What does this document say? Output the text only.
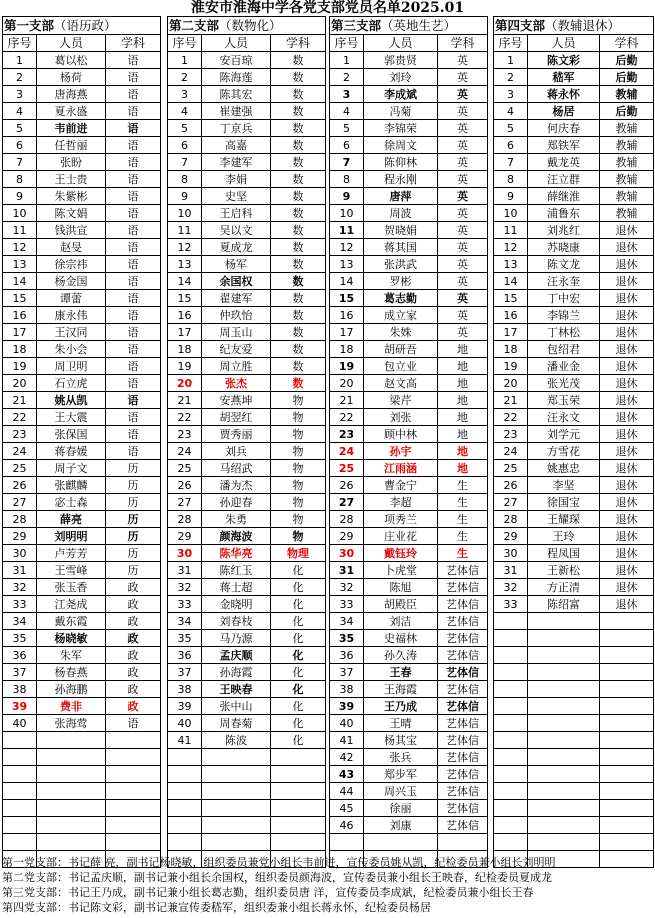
淮安市淮海中学各党支部党员名单2025.01
第一支部（语历政）		
序号	人员	学科
1	葛以松	语
2	杨荷	语
3	唐海燕	语
4	夏永盛	语
5	韦前进	语
6	任哲丽	语
7	张盼	语
8	王士贵	语
9	朱紫彬	语
10	陈文娟	语
11	钱洪宣	语
12	赵旻	语
13	徐宗祎	语
14	杨金国	语
15	谭蕾	语
16	康永伟	语
17	王汉同	语
18	朱小会	语
19	周卫明	语
20	石立虎	语
21	姚从凯	语
22	王大震	语
23	张保国	语
24	蒋春媛	语
25	周子文	历
26	张麒麟	历
27	宓士森	历
28	薛亮	历
29	刘明明	历
30	卢芳芳	历
31	王雪峰	历
32	张玉香	政
33	江尧成	政
34	戴东霞	政
35	杨晓敏	政
36	朱军	政
37	杨春燕	政
38	孙海鹏	政
39	费非	政
40	张海莺	语

第二支部（数物化）		
序号	人员	学科
1	安百琼	数
2	陈海莲	数
3	陈其宏	数
4	崔建强	数
5	丁京兵	数
6	高嘉	数
7	李建军	数
8	李娟	数
9	史坚	数
10	王启科	数
11	吴以文	数
12	夏成龙	数
13	杨军	数
14	余国权	数
15	翟建军	数
16	仲玖怡	数
17	周玉山	数
18	纪友爱	数
19	周立胜	数
20	张杰	数
21	安燕坤	物
22	胡翌红	物
23	贾秀丽	物
24	刘兵	物
25	马绍武	物
26	潘为杰	物
27	孙迎春	物
28	朱勇	物
29	颜海波	物
30	陈华亮	物理
31	陈红玉	化
32	蒋士超	化
33	金晓明	化
34	刘春枝	化
35	马乃源	化
36	孟庆顺	化
37	孙海霞	化
38	王映春	化
39	张中山	化
40	周春菊	化
41	陈波	化

第三支部（英地生艺）		
序号	人员	学科
1	郭贵贤	英
2	刘玲	英
3	李成斌	英
4	冯菊	英
5	李锦荣	英
6	徐周文	英
7	陈仰林	英
8	程永刚	英
9	唐萍	英
10	周波	英
11	贺晓娟	英
12	蒋其国	英
13	张洪武	英
14	罗彬	英
15	葛志勤	英
16	成立家	英
17	朱姝	英
18	胡研吾	地
19	包立业	地
20	赵文高	地
21	梁芹	地
22	刘张	地
23	顾中林	地
24	孙宇	地
25	江雨涵	地
26	曹金宁	生
27	李超	生
28	项秀兰	生
29	庄业花	生
30	戴钰玲	生
31	卜虎堂	艺体信
32	陈旭	艺体信
33	胡殿臣	艺体信
34	刘洁	艺体信
35	史福林	艺体信
36	孙久涛	艺体信
37	王春	艺体信
38	王海霞	艺体信
39	王乃成	艺体信
40	王晴	艺体信
41	杨其宝	艺体信
42	张兵	艺体信
43	郑步军	艺体信
44	周兴玉	艺体信
45	徐丽	艺体信
46	刘康	艺体信

第四支部（教辅退休）		
序号	人员	学科
1	陈文彩	后勤
2	嵇军	后勤
3	蒋永怀	教辅
4	杨居	后勤
5	何庆春	教辅
6	郑铁军	教辅
7	戴龙英	教辅
8	汪立群	教辅
9	薛继淮	教辅
10	浦鲁东	教辅
11	刘兆红	退休
12	苏晓康	退休
13	陈文龙	退休
14	汪永奎	退休
15	丁中宏	退休
16	李锦兰	退休
17	丁林松	退休
18	包绍君	退休
19	潘业金	退休
20	张光茂	退休
21	郑玉荣	退休
22	汪永文	退休
23	刘学元	退休
24	方雪花	退休
25	姚惠忠	退休
26	李坚	退休
27	徐国宝	退休
28	王耀琛	退休
29	王玲	退休
30	程凤国	退休
31	王新松	退休
32	方正清	退休
33	陈绍富	退休

第一党支部：书记薛 亮，副书记杨晓敏，组织委员兼党小组长韦前进，宣传委员姚从凯，纪检委员兼小组长刘明明
第二党支部：书记孟庆顺，副书记兼小组长余国权，组织委员颜海波，宣传委员兼小组长王映春，纪检委员夏成龙
第三党支部：书记王乃成，副书记兼小组长葛志勤，组织委员唐 洋，宣传委员李成斌，纪检委员兼小组长王春
第四党支部：书记陈文彩，副书记兼宣传委嵇军，组织委兼小组长蒋永怀，纪检委员杨居
